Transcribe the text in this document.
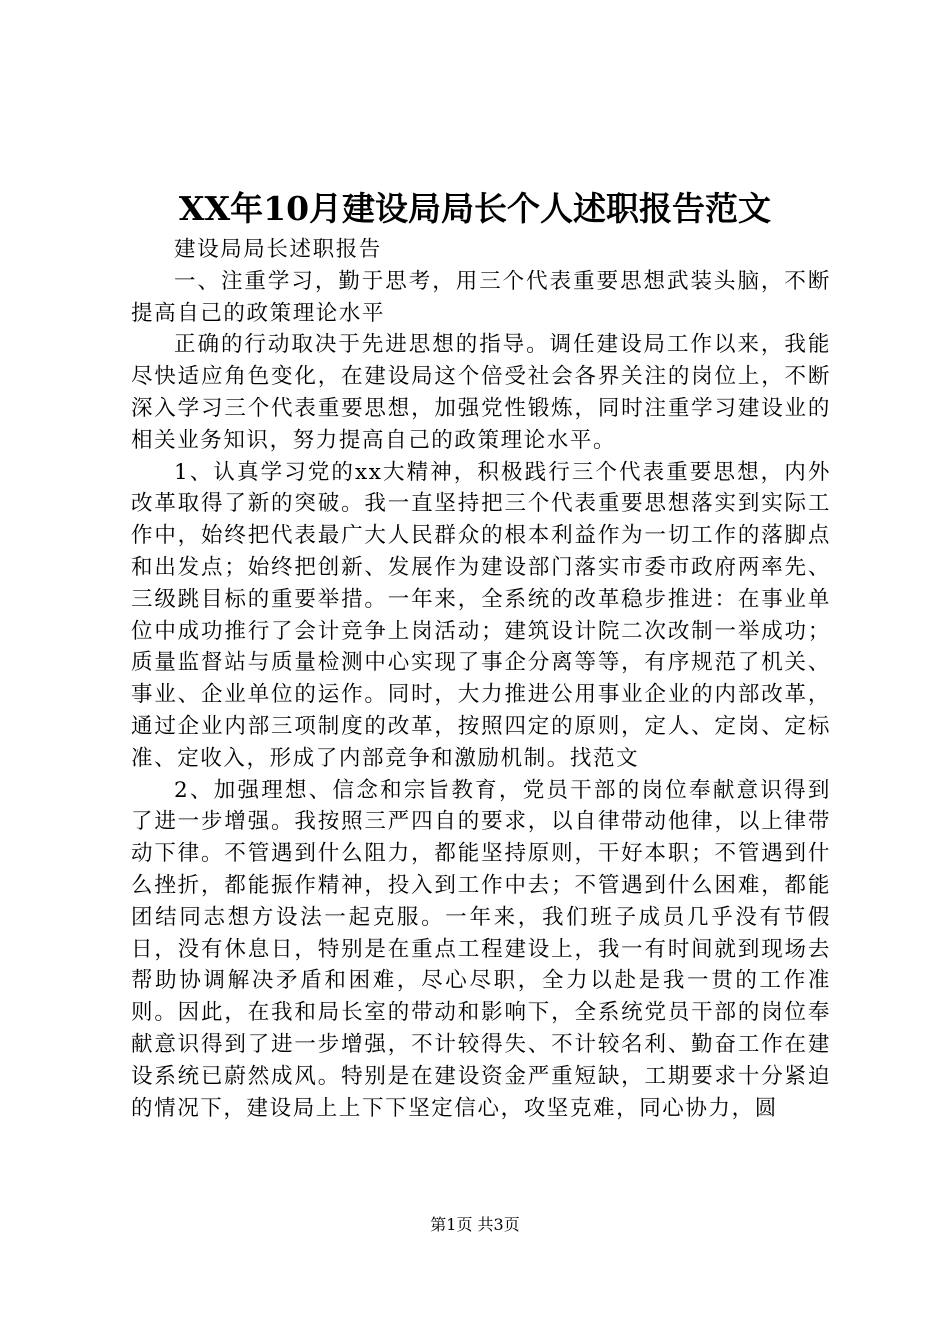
XX年10月建设局局长个人述职报告范文

建设局局长述职报告

一、注重学习，勤于思考，用三个代表重要思想武装头脑，不断提高自己的政策理论水平

正确的行动取决于先进思想的指导。调任建设局工作以来，我能尽快适应角色变化，在建设局这个倍受社会各界关注的岗位上，不断深入学习三个代表重要思想，加强党性锻炼，同时注重学习建设业的相关业务知识，努力提高自己的政策理论水平。

1、认真学习党的xx大精神，积极践行三个代表重要思想，内外改革取得了新的突破。我一直坚持把三个代表重要思想落实到实际工作中，始终把代表最广大人民群众的根本利益作为一切工作的落脚点和出发点；始终把创新、发展作为建设部门落实市委市政府两率先、三级跳目标的重要举措。一年来，全系统的改革稳步推进：在事业单位中成功推行了会计竞争上岗活动；建筑设计院二次改制一举成功；质量监督站与质量检测中心实现了事企分离等等，有序规范了机关、事业、企业单位的运作。同时，大力推进公用事业企业的内部改革，通过企业内部三项制度的改革，按照四定的原则，定人、定岗、定标准、定收入，形成了内部竞争和激励机制。找范文

2、加强理想、信念和宗旨教育，党员干部的岗位奉献意识得到了进一步增强。我按照三严四自的要求，以自律带动他律，以上律带动下律。不管遇到什么阻力，都能坚持原则，干好本职；不管遇到什么挫折，都能振作精神，投入到工作中去；不管遇到什么困难，都能团结同志想方设法一起克服。一年来，我们班子成员几乎没有节假日，没有休息日，特别是在重点工程建设上，我一有时间就到现场去帮助协调解决矛盾和困难，尽心尽职，全力以赴是我一贯的工作准则。因此，在我和局长室的带动和影响下，全系统党员干部的岗位奉献意识得到了进一步增强，不计较得失、不计较名利、勤奋工作在建设系统已蔚然成风。特别是在建设资金严重短缺，工期要求十分紧迫的情况下，建设局上上下下坚定信心，攻坚克难，同心协力，圆

第1页 共3页
